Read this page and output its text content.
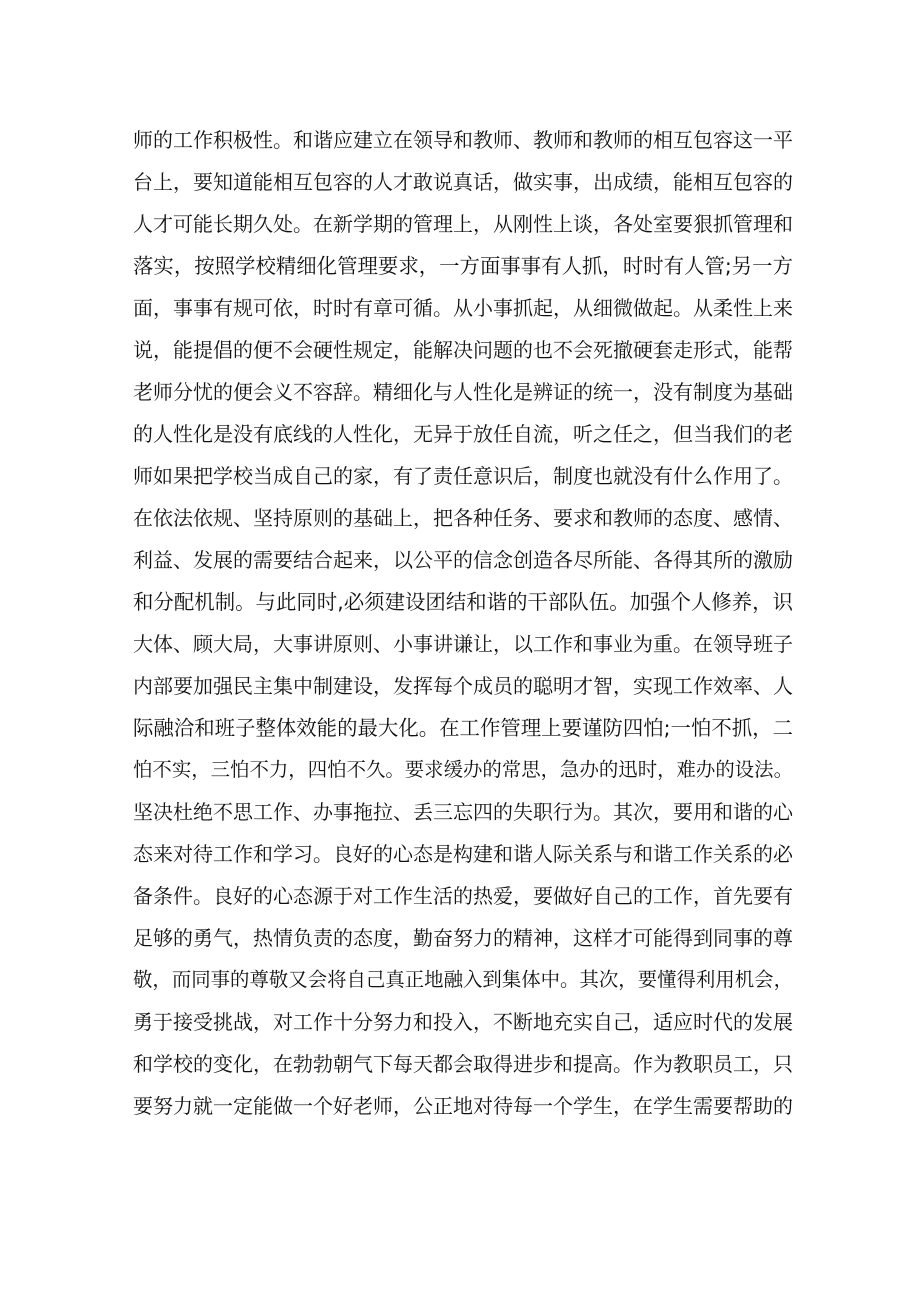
师的工作积极性。和谐应建立在领导和教师、教师和教师的相互包容这一平
台上，要知道能相互包容的人才敢说真话，做实事，出成绩，能相互包容的
人才可能长期久处。在新学期的管理上，从刚性上谈，各处室要狠抓管理和
落实，按照学校精细化管理要求，一方面事事有人抓，时时有人管;另一方
面，事事有规可依，时时有章可循。从小事抓起，从细微做起。从柔性上来
说，能提倡的便不会硬性规定，能解决问题的也不会死撤硬套走形式，能帮
老师分忧的便会义不容辞。精细化与人性化是辨证的统一，没有制度为基础
的人性化是没有底线的人性化，无异于放任自流，听之任之，但当我们的老
师如果把学校当成自己的家，有了责任意识后，制度也就没有什么作用了。
在依法依规、坚持原则的基础上，把各种任务、要求和教师的态度、感情、
利益、发展的需要结合起来，以公平的信念创造各尽所能、各得其所的激励
和分配机制。与此同时,必须建设团结和谐的干部队伍。加强个人修养，识
大体、顾大局，大事讲原则、小事讲谦让，以工作和事业为重。在领导班子
内部要加强民主集中制建设，发挥每个成员的聪明才智，实现工作效率、人
际融洽和班子整体效能的最大化。在工作管理上要谨防四怕;一怕不抓，二
怕不实，三怕不力，四怕不久。要求缓办的常思，急办的迅时，难办的设法。
坚决杜绝不思工作、办事拖拉、丢三忘四的失职行为。其次，要用和谐的心
态来对待工作和学习。良好的心态是构建和谐人际关系与和谐工作关系的必
备条件。良好的心态源于对工作生活的热爱，要做好自己的工作，首先要有
足够的勇气，热情负责的态度，勤奋努力的精神，这样才可能得到同事的尊
敬，而同事的尊敬又会将自己真正地融入到集体中。其次，要懂得利用机会，
勇于接受挑战，对工作十分努力和投入，不断地充实自己，适应时代的发展
和学校的变化，在勃勃朝气下每天都会取得进步和提高。作为教职员工，只
要努力就一定能做一个好老师，公正地对待每一个学生，在学生需要帮助的
